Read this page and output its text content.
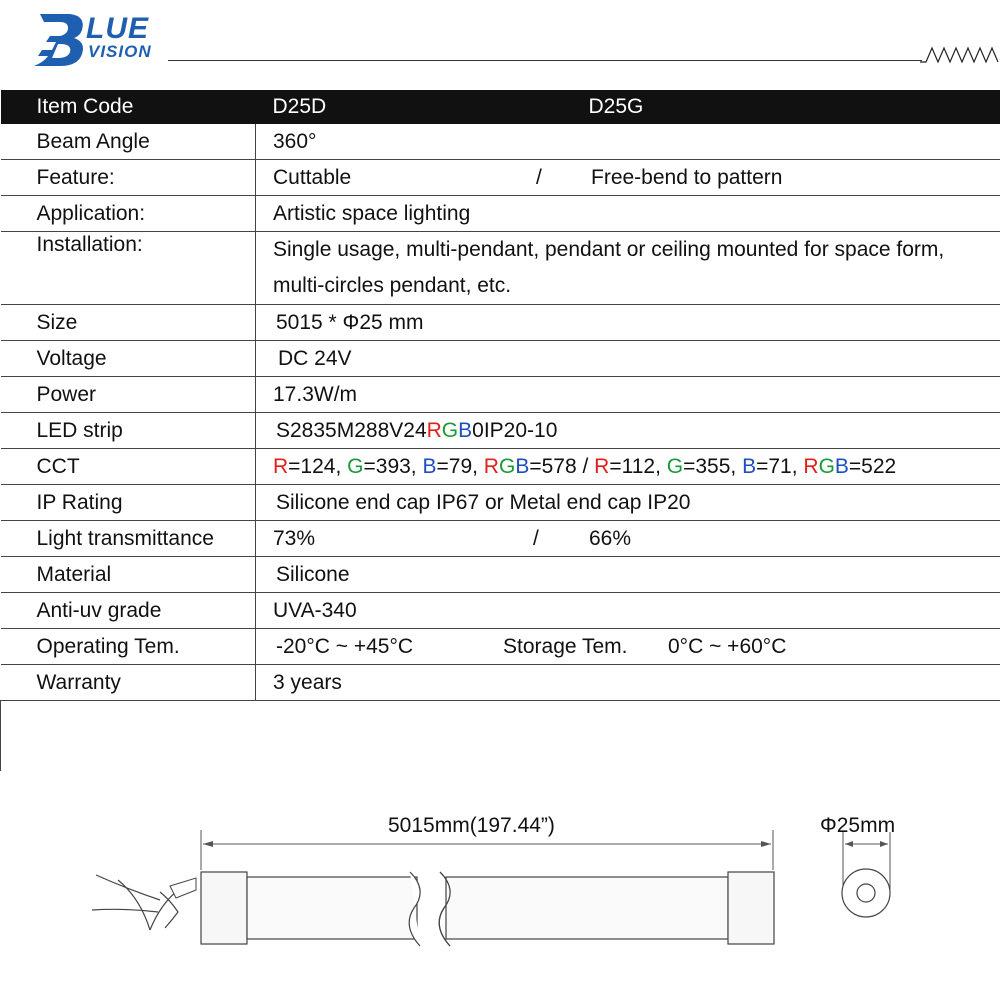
LUE
VISION
Item Code	D25D D25G

Beam Angle	360°
Feature:	Cuttable / Free-bend to pattern

Application:	Artistic space lighting
Installation:	Single usage, multi-pendant, pendant or ceiling mounted for space form, multi-circles pendant, etc.
Size	5015 * Φ25 mm
Voltage	DC 24V
Power	17.3W/m
LED strip	S2835M288V24RGB0IP20-10
CCT	R=124, G=393, B=79, RGB=578 / R=112, G=355, B=71, RGB=522
IP Rating	Silicone end cap IP67 or Metal end cap IP20
Light transmittance	73% / 66%

Material	Silicone
Anti-uv grade	UVA-340
Operating Tem.	-20°C ~ +45°C Storage Tem. 0°C ~ +60°C

Warranty	3 years

5015mm(197.44”)	Φ25mm
